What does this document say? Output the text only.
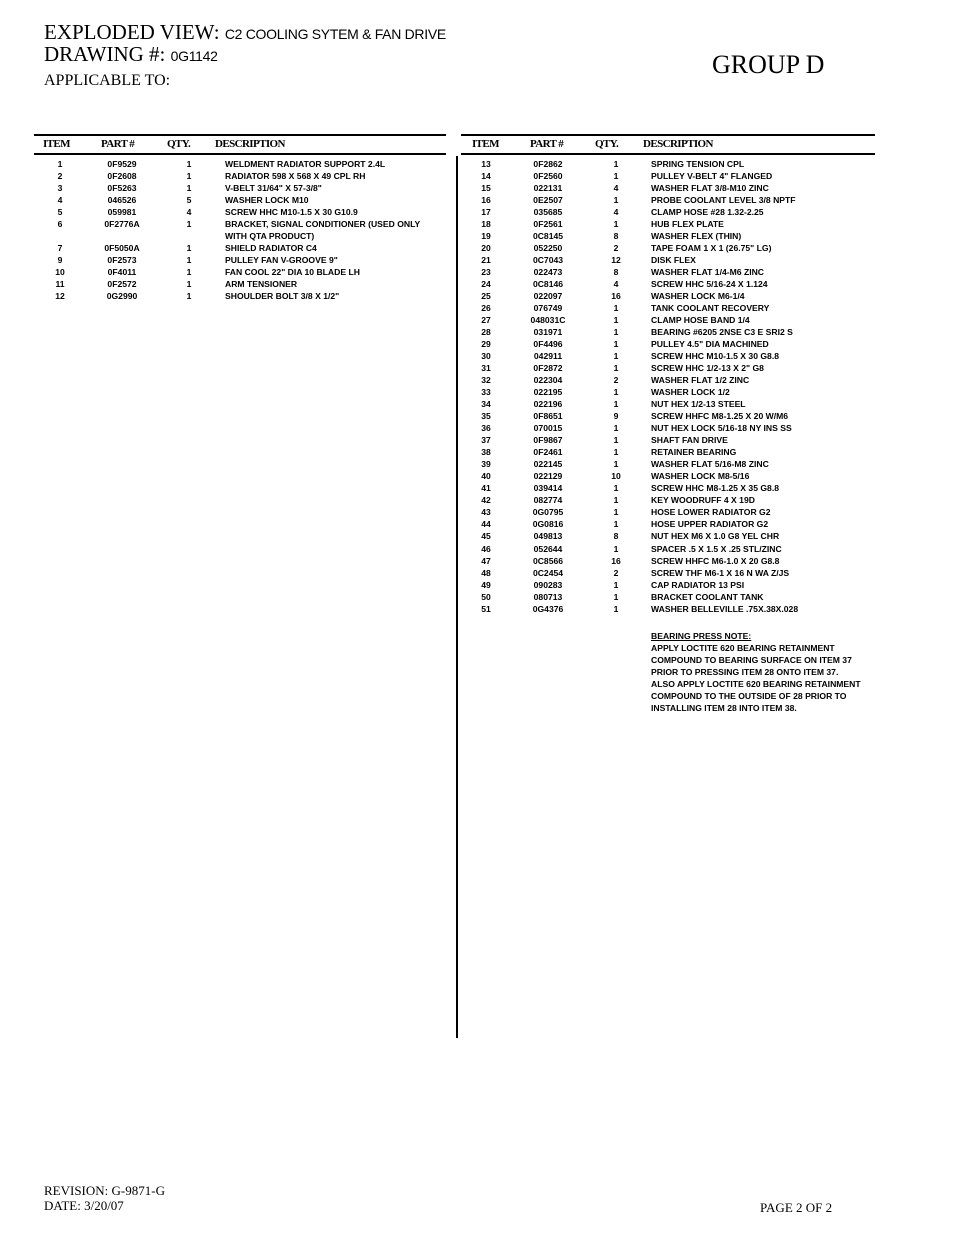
EXPLODED VIEW: C2 COOLING SYTEM & FAN DRIVE
DRAWING #: 0G1142
APPLICABLE TO:
GROUP D
ITEM	PART #	QTY. DESCRIPTION
1	0F9529	1	WELDMENT RADIATOR SUPPORT 2.4L
2	0F2608	1	RADIATOR 598 X 568 X 49 CPL RH
3	0F5263	1	V-BELT 31/64" X 57-3/8"
4	046526	5	WASHER LOCK M10
5	059981	4	SCREW HHC M10-1.5 X 30 G10.9
6	0F2776A	1	BRACKET, SIGNAL CONDITIONER (USED ONLY
WITH QTA PRODUCT)
7	0F5050A	1	SHIELD RADIATOR C4
9	0F2573	1	PULLEY FAN V-GROOVE 9"
10	0F4011	1	FAN COOL 22" DIA 10 BLADE LH
11	0F2572	1	ARM TENSIONER
12	0G2990	1	SHOULDER BOLT 3/8 X 1/2"
ITEM	PART #	QTY. DESCRIPTION
13	0F2862	1	SPRING TENSION CPL
14	0F2560	1	PULLEY V-BELT 4" FLANGED
15	022131	4	WASHER FLAT 3/8-M10 ZINC
16	0E2507	1	PROBE COOLANT LEVEL 3/8 NPTF
17	035685	4	CLAMP HOSE #28 1.32-2.25
18	0F2561	1	HUB FLEX PLATE
19	0C8145	8	WASHER FLEX (THIN)
20	052250	2	TAPE FOAM 1 X 1 (26.75" LG)
21	0C7043	12	DISK FLEX
23	022473	8	WASHER FLAT 1/4-M6 ZINC
24	0C8146	4	SCREW HHC 5/16-24 X 1.124
25	022097	16	WASHER LOCK M6-1/4
26	076749	1	TANK COOLANT RECOVERY
27	048031C	1	CLAMP HOSE BAND 1/4
28	031971	1	BEARING #6205 2NSE C3 E SRI2 S
29	0F4496	1	PULLEY 4.5" DIA MACHINED
30	042911	1	SCREW HHC M10-1.5 X 30 G8.8
31	0F2872	1	SCREW HHC 1/2-13 X 2" G8
32	022304	2	WASHER FLAT 1/2 ZINC
33	022195	1	WASHER LOCK 1/2
34	022196	1	NUT HEX 1/2-13 STEEL
35	0F8651	9	SCREW HHFC M8-1.25 X 20 W/M6
36	070015	1	NUT HEX LOCK 5/16-18 NY INS SS
37	0F9867	1	SHAFT FAN DRIVE
38	0F2461	1	RETAINER BEARING
39	022145	1	WASHER FLAT 5/16-M8 ZINC
40	022129	10	WASHER LOCK M8-5/16
41	039414	1	SCREW HHC M8-1.25 X 35 G8.8
42	082774	1	KEY WOODRUFF 4 X 19D
43	0G0795	1	HOSE LOWER RADIATOR G2
44	0G0816	1	HOSE UPPER RADIATOR G2
45	049813	8	NUT HEX M6 X 1.0 G8 YEL CHR
46	052644	1	SPACER .5 X 1.5 X .25 STL/ZINC
47	0C8566	16	SCREW HHFC M6-1.0 X 20 G8.8
48	0C2454	2	SCREW THF M6-1 X 16 N WA Z/JS
49	090283	1	CAP RADIATOR 13 PSI
50	080713	1	BRACKET COOLANT TANK
51	0G4376	1	WASHER BELLEVILLE .75X.38X.028
BEARING PRESS NOTE:
APPLY LOCTITE 620 BEARING RETAINMENT
COMPOUND TO BEARING SURFACE ON ITEM 37
PRIOR TO PRESSING ITEM 28 ONTO ITEM 37.
ALSO APPLY LOCTITE 620 BEARING RETAINMENT
COMPOUND TO THE OUTSIDE OF 28 PRIOR TO
INSTALLING ITEM 28 INTO ITEM 38.
REVISION: G-9871-G
DATE: 3/20/07	PAGE 2 OF 2
